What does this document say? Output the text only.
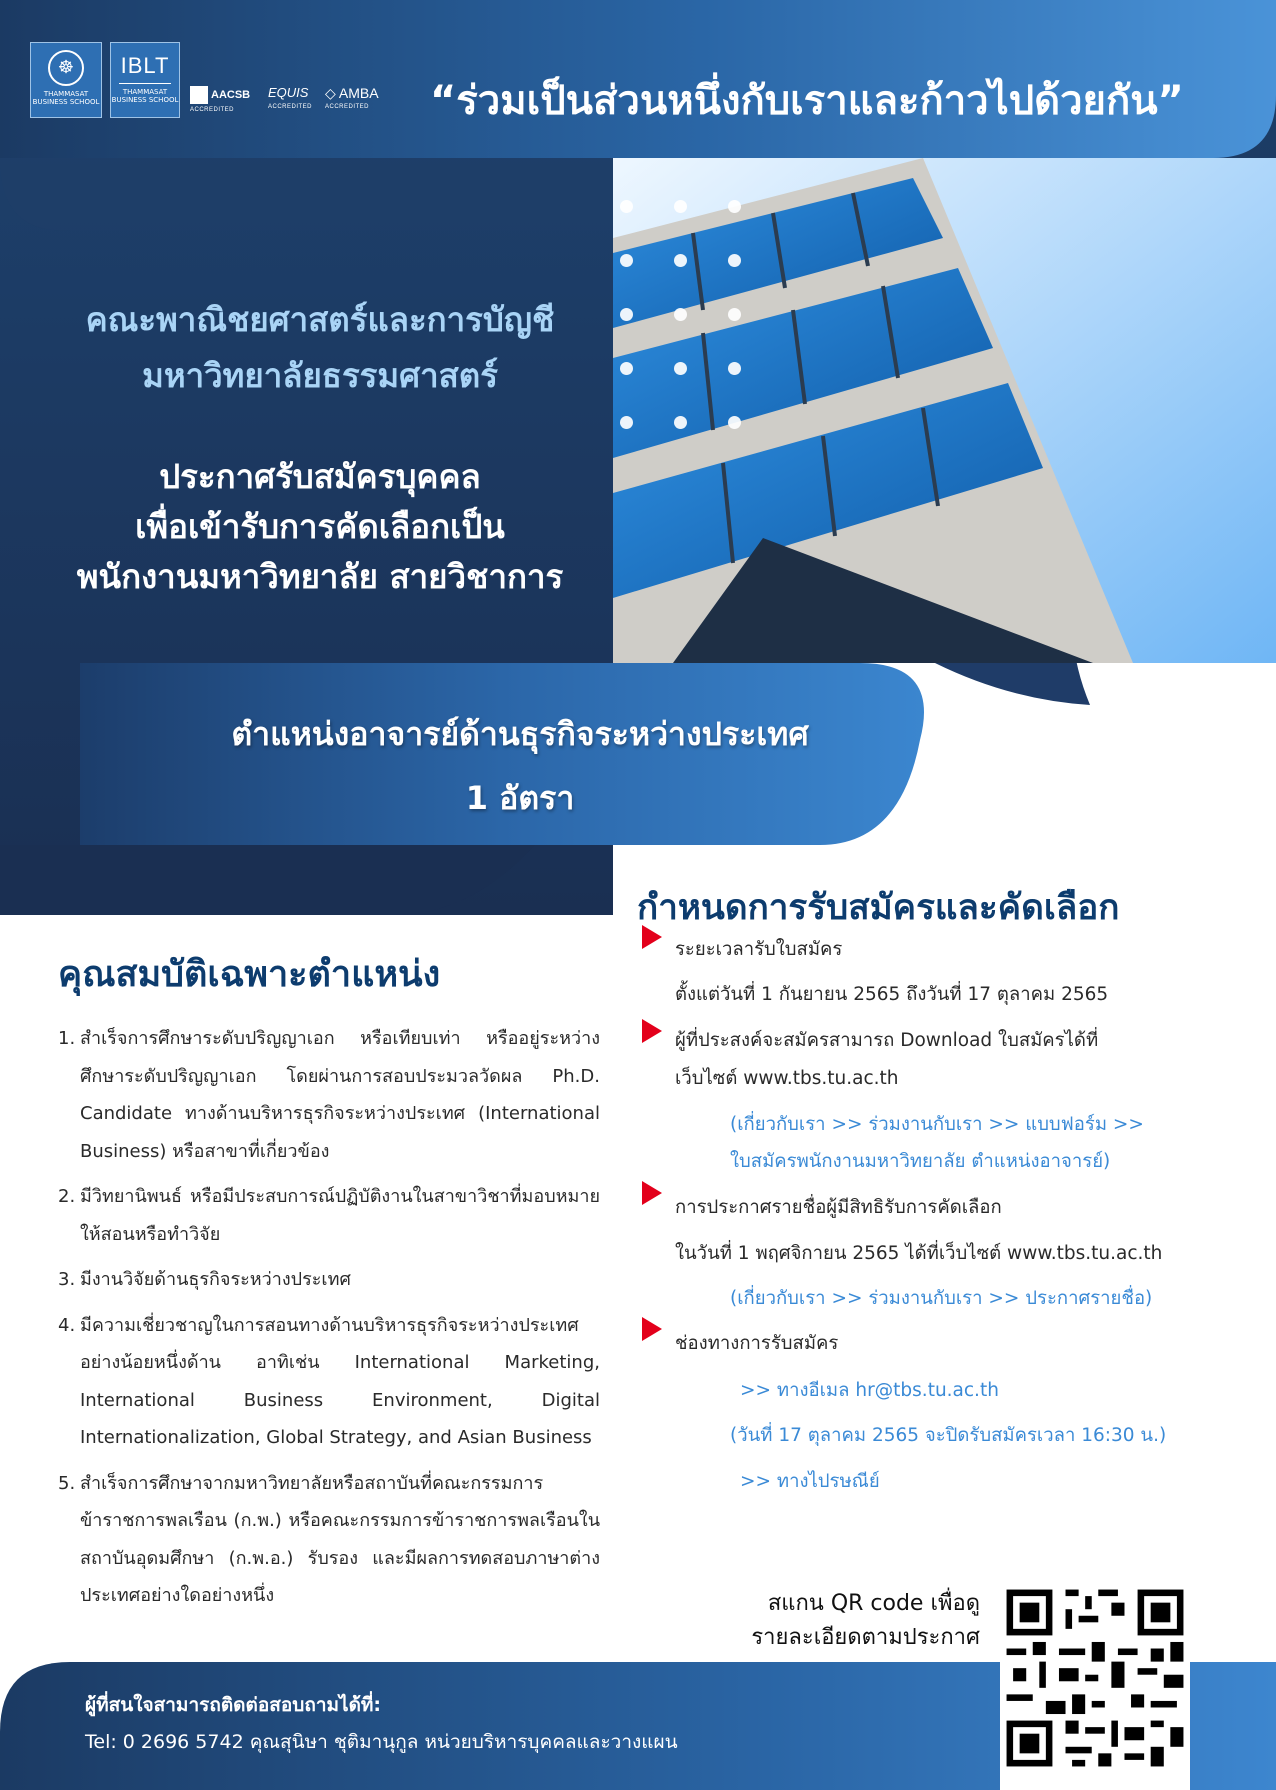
☸
THAMMASAT BUSINESS SCHOOL
IBLT
THAMMASAT BUSINESS SCHOOL	AACSB
ACCREDITED
EQUIS
ACCREDITED
◇ AMBA
ACCREDITED “ร่วมเป็นส่วนหนึ่งกับเราและก้าวไปด้วยกัน”
คณะพาณิชยศาสตร์และการบัญชี
มหาวิทยาลัยธรรมศาสตร์
ประกาศรับสมัครบุคคล
เพื่อเข้ารับการคัดเลือกเป็น
พนักงานมหาวิทยาลัย สายวิชาการ
ตำแหน่งอาจารย์ด้านธุรกิจระหว่างประเทศ
1 อัตรา
คุณสมบัติเฉพาะตำแหน่ง
1. สำเร็จการศึกษาระดับปริญญาเอก หรือเทียบเท่า หรืออยู่ระหว่างศึกษาระดับปริญญาเอก โดยผ่านการสอบประมวลวัดผล Ph.D. Candidate ทางด้านบริหารธุรกิจระหว่างประเทศ (International Business) หรือสาขาที่เกี่ยวข้อง
2. มีวิทยานิพนธ์ หรือมีประสบการณ์ปฏิบัติงานในสาขาวิชาที่มอบหมายให้สอนหรือทำวิจัย
3. มีงานวิจัยด้านธุรกิจระหว่างประเทศ
4. มีความเชี่ยวชาญในการสอนทางด้านบริหารธุรกิจระหว่างประเทศอย่างน้อยหนึ่งด้าน อาทิเช่น International Marketing, International Business Environment, Digital Internationalization, Global Strategy, and Asian Business
5. สำเร็จการศึกษาจากมหาวิทยาลัยหรือสถาบันที่คณะกรรมการข้าราชการพลเรือน (ก.พ.) หรือคณะกรรมการข้าราชการพลเรือนในสถาบันอุดมศึกษา (ก.พ.อ.) รับรอง และมีผลการทดสอบภาษาต่างประเทศอย่างใดอย่างหนึ่ง
กำหนดการรับสมัครและคัดเลือก
ระยะเวลารับใบสมัคร
ตั้งแต่วันที่ 1 กันยายน 2565 ถึงวันที่ 17 ตุลาคม 2565
ผู้ที่ประสงค์จะสมัครสามารถ Download ใบสมัครได้ที่
เว็บไซต์ www.tbs.tu.ac.th
(เกี่ยวกับเรา >> ร่วมงานกับเรา >> แบบฟอร์ม >>
ใบสมัครพนักงานมหาวิทยาลัย ตำแหน่งอาจารย์)
การประกาศรายชื่อผู้มีสิทธิรับการคัดเลือก
ในวันที่ 1 พฤศจิกายน 2565 ได้ที่เว็บไซต์ www.tbs.tu.ac.th
(เกี่ยวกับเรา >> ร่วมงานกับเรา >> ประกาศรายชื่อ)
ช่องทางการรับสมัคร
>> ทางอีเมล hr@tbs.tu.ac.th
(วันที่ 17 ตุลาคม 2565 จะปิดรับสมัครเวลา 16:30 น.)
>> ทางไปรษณีย์
ผู้ที่สนใจสามารถติดต่อสอบถามได้ที่:
Tel: 0 2696 5742 คุณสุนิษา ชุติมานุกูล หน่วยบริหารบุคคลและวางแผน
สแกน QR code เพื่อดู
รายละเอียดตามประกาศ
